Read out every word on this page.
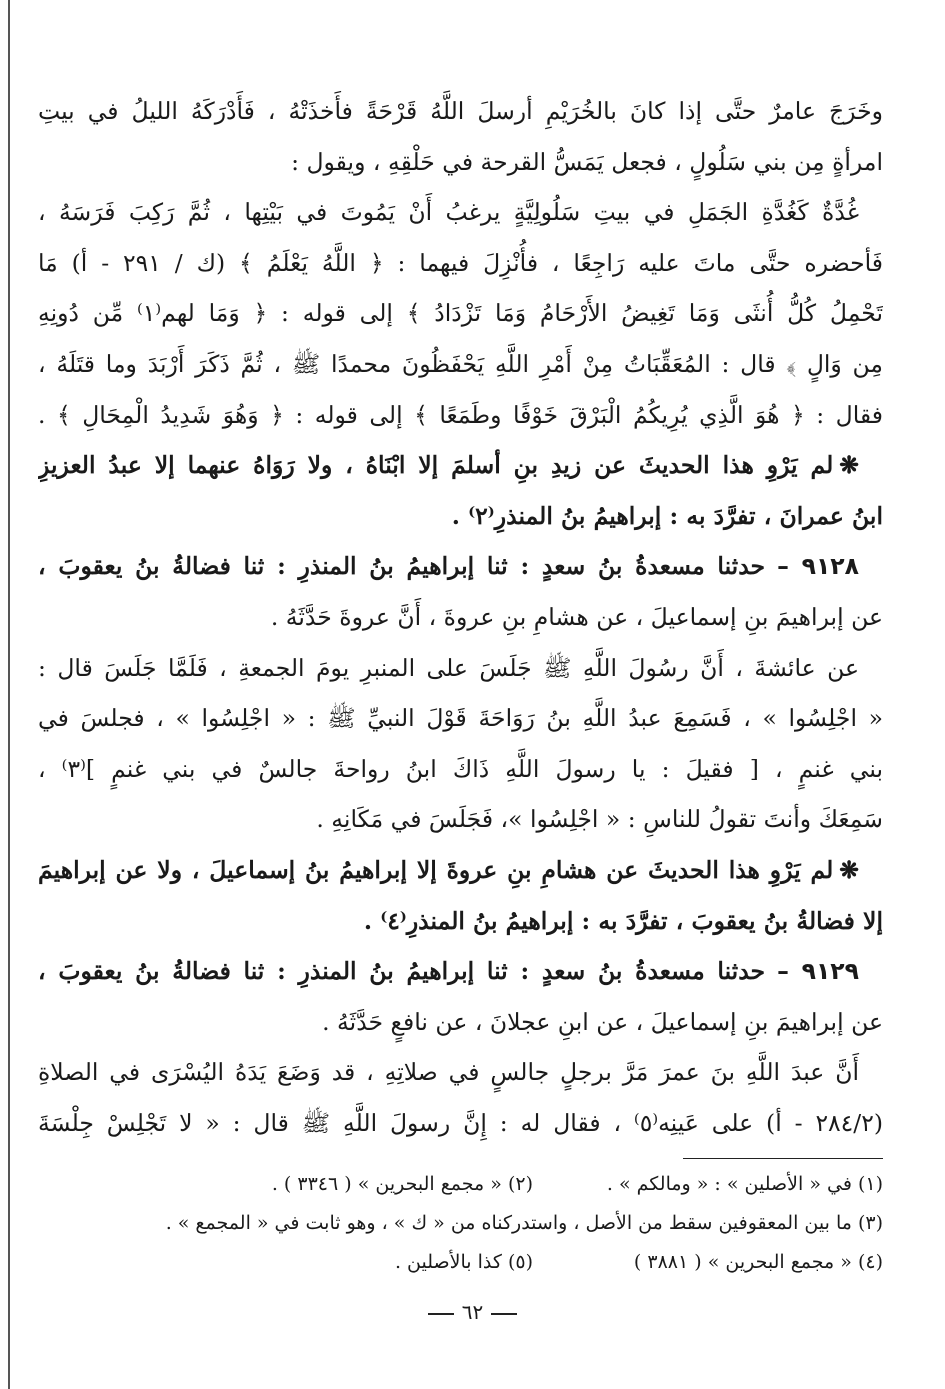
وخَرَجَ عامرٌ حتَّى إذا كانَ بالخُرَيْمِ أرسلَ اللَّهُ قَرْحَةً فأَخذَتْهُ ، فَأَدْرَكَهُ الليلُ في بيتِ
امرأةٍ مِن بني سَلُولٍ ، فجعل يَمَسُّ القرحة في حَلْقِهِ ، ويقول :
غُدَّةٌ كَغُدَّةِ الجَمَلِ في بيتِ سَلُولِيَّةٍ يرغبُ أَنْ يَمُوتَ في بَيْتِها ، ثُمَّ رَكِبَ فَرَسَهُ ،
فَأحضره حتَّى ماتَ عليه رَاجِعًا ، فأُنْزِلَ فيهما : ﴿ اللَّهُ يَعْلَمُ ﴾ (ك / ٢٩١ - أ) مَا
تَحْمِلُ كُلُّ أُنثَى وَمَا تَغِيضُ الأَرْحَامُ وَمَا تَزْدَادُ ﴾ إلى قوله : ﴿ وَمَا لهم⁽١⁾ مِّن دُونِهِ
مِن وَالٍ ﴾ قال : المُعَقِّبَاتُ مِنْ أَمْرِ اللَّهِ يَحْفَظُونَ محمدًا ﷺ ، ثُمَّ ذَكَرَ أَرْبَدَ وما قتَلَهُ ،
فقال : ﴿ هُوَ الَّذِي يُرِيكُمُ الْبَرْقَ خَوْفًا وطَمَعًا ﴾ إلى قوله : ﴿ وَهُوَ شَدِيدُ الْمِحَالِ ﴾ .
❋لم يَرْوِ هذا الحديثَ عن زيدِ بنِ أسلمَ إلا ابْنَاهُ ، ولا رَوَاهُ عنهما إلا عبدُ العزيزِ
ابنُ عمرانَ ، تفرَّدَ به : إبراهيمُ بنُ المنذرِ⁽٢⁾ .
٩١٢٨ – حدثنا مسعدةُ بنُ سعدٍ : ثنا إبراهيمُ بنُ المنذرِ : ثنا فضالةُ بنُ يعقوبَ ،
عن إبراهيمَ بنِ إسماعيلَ ، عن هشامِ بنِ عروةَ ، أَنَّ عروةَ حَدَّثَهُ .
عن عائشةَ ، أَنَّ رسُولَ اللَّهِ ﷺ جَلَسَ على المنبرِ يومَ الجمعةِ ، فَلَمَّا جَلَسَ قال :
« اجْلِسُوا » ، فَسَمِعَ عبدُ اللَّهِ بنُ رَوَاحَةَ قَوْلَ النبيِّ ﷺ : « اجْلِسُوا » ، فجلسَ في
بني غنمٍ ، [ فقيلَ : يا رسولَ اللَّهِ ذَاكَ ابنُ رواحةَ جالسٌ في بني غنمٍ ]⁽٣⁾ ،
سَمِعَكَ وأنتَ تقولُ للناسِ : « اجْلِسُوا »، فَجَلَسَ في مَكَانِهِ .
❋لم يَرْوِ هذا الحديثَ عن هشامِ بنِ عروةَ إلا إبراهيمُ بنُ إسماعيلَ ، ولا عن إبراهيمَ
إلا فضالةُ بنُ يعقوبَ ، تفرَّدَ به : إبراهيمُ بنُ المنذرِ⁽٤⁾ .
٩١٢٩ – حدثنا مسعدةُ بنُ سعدٍ : ثنا إبراهيمُ بنُ المنذرِ : ثنا فضالةُ بنُ يعقوبَ ،
عن إبراهيمَ بنِ إسماعيلَ ، عن ابنِ عجلانَ ، عن نافعٍ حَدَّثَهُ .
أَنَّ عبدَ اللَّهِ بنَ عمرَ مَرَّ برجلٍ جالسٍ في صلاتِهِ ، قد وَضَعَ يَدَهُ اليُسْرَى في الصلاةِ
(٢٨٤/٢ - أ) على عَينِه⁽٥⁾ ، فقال له : إِنَّ رسولَ اللَّهِ ﷺ قال : « لا تَجْلِسْ جِلْسَةَ
(١) في « الأصلين » : « ومالكم » .
(٢) « مجمع البحرين » ( ٣٣٤٦ ) .
(٣) ما بين المعقوفين سقط من الأصل ، واستدركناه من « ك » ، وهو ثابت في « المجمع » .
(٤) « مجمع البحرين » ( ٣٨٨١ )
(٥) كذا بالأصلين .
٦٢
